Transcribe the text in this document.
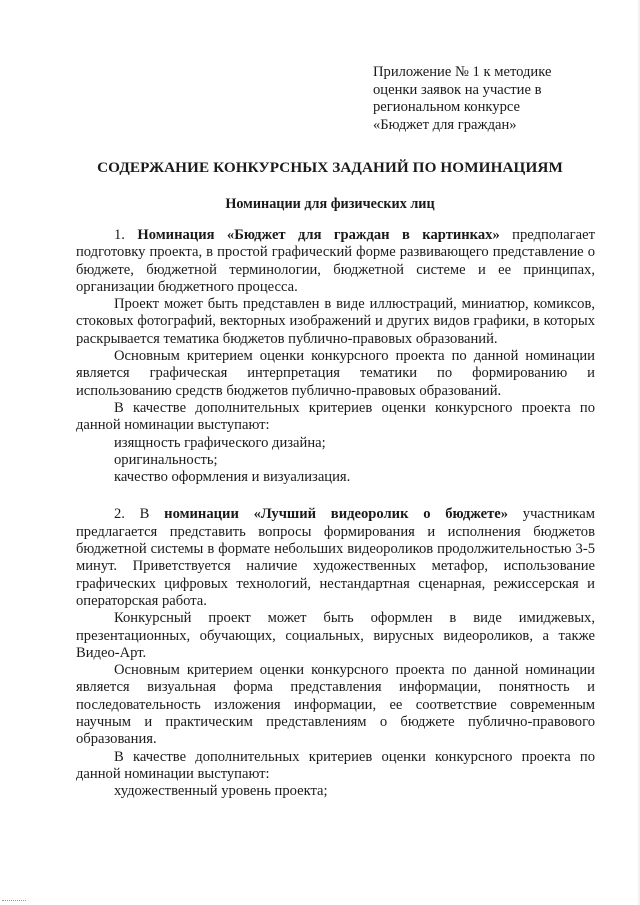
Приложение № 1 к методике
оценки заявок на участие в
региональном конкурсе
«Бюджет для граждан»
СОДЕРЖАНИЕ КОНКУРСНЫХ ЗАДАНИЙ ПО НОМИНАЦИЯМ
Номинации для физических лиц

1. Номинация «Бюджет для граждан в картинках» предполагает подготовку проекта, в простой графический форме развивающего представление о бюджете, бюджетной терминологии, бюджетной системе и ее принципах, организации бюджетного процесса.

Проект может быть представлен в виде иллюстраций, миниатюр, комиксов, стоковых фотографий, векторных изображений и других видов графики, в которых раскрывается тематика бюджетов публично-правовых образований.

Основным критерием оценки конкурсного проекта по данной номинации является графическая интерпретация тематики по формированию и использованию средств бюджетов публично-правовых образований.

В качестве дополнительных критериев оценки конкурсного проекта по данной номинации выступают:

изящность графического дизайна;

оригинальность;

качество оформления и визуализация.

2. В номинации «Лучший видеоролик о бюджете» участникам предлагается представить вопросы формирования и исполнения бюджетов бюджетной системы в формате небольших видеороликов продолжительностью 3-5 минут. Приветствуется наличие художественных метафор, использование графических цифровых технологий, нестандартная сценарная, режиссерская и операторская работа.

Конкурсный проект может быть оформлен в виде имиджевых, презентационных, обучающих, социальных, вирусных видеороликов, а также Видео-Арт.

Основным критерием оценки конкурсного проекта по данной номинации является визуальная форма представления информации, понятность и последовательность изложения информации, ее соответствие современным научным и практическим представлениям о бюджете публично-правового образования.

В качестве дополнительных критериев оценки конкурсного проекта по данной номинации выступают:

художественный уровень проекта;
